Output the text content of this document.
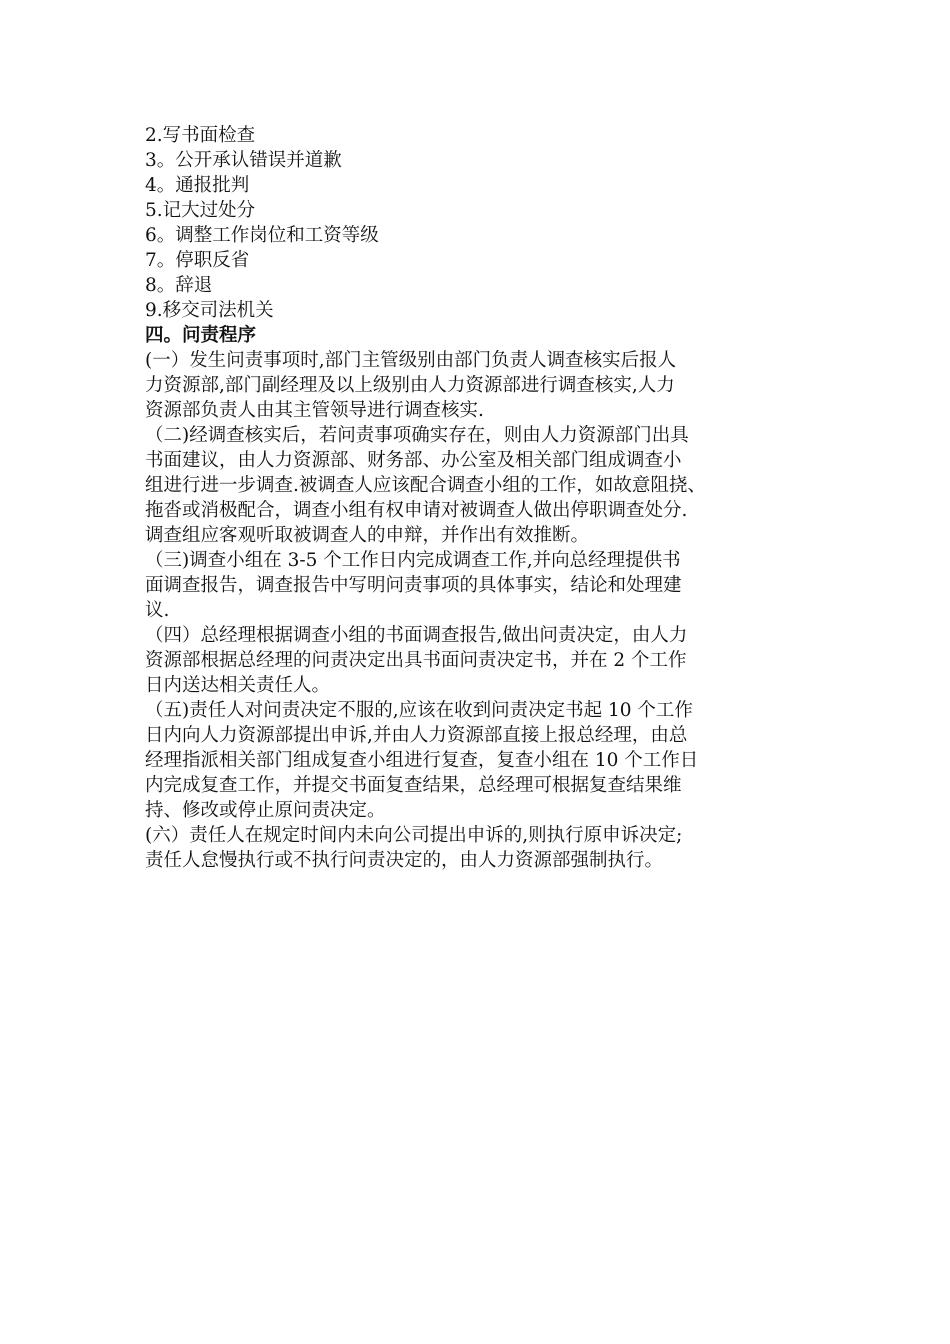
2.写书面检查
3。公开承认错误并道歉
4。通报批判
5.记大过处分
6。调整工作岗位和工资等级
7。停职反省
8。辞退
9.移交司法机关
四。问责程序
(一）发生问责事项时,部门主管级别由部门负责人调查核实后报人
力资源部,部门副经理及以上级别由人力资源部进行调查核实,人力
资源部负责人由其主管领导进行调查核实.
（二)经调查核实后，若问责事项确实存在，则由人力资源部门出具
书面建议，由人力资源部、财务部、办公室及相关部门组成调查小
组进行进一步调查.被调查人应该配合调查小组的工作，如故意阻挠、
拖沓或消极配合，调查小组有权申请对被调查人做出停职调查处分.
调查组应客观听取被调查人的申辩，并作出有效推断。
（三)调查小组在 3-5 个工作日内完成调查工作,并向总经理提供书
面调查报告，调查报告中写明问责事项的具体事实，结论和处理建
议.
（四）总经理根据调查小组的书面调查报告,做出问责决定，由人力
资源部根据总经理的问责决定出具书面问责决定书，并在 2 个工作
日内送达相关责任人。
（五)责任人对问责决定不服的,应该在收到问责决定书起 10 个工作
日内向人力资源部提出申诉,并由人力资源部直接上报总经理，由总
经理指派相关部门组成复查小组进行复查，复查小组在 10 个工作日
内完成复查工作，并提交书面复查结果，总经理可根据复查结果维
持、修改或停止原问责决定。
(六）责任人在规定时间内未向公司提出申诉的,则执行原申诉决定;
责任人怠慢执行或不执行问责决定的，由人力资源部强制执行。
